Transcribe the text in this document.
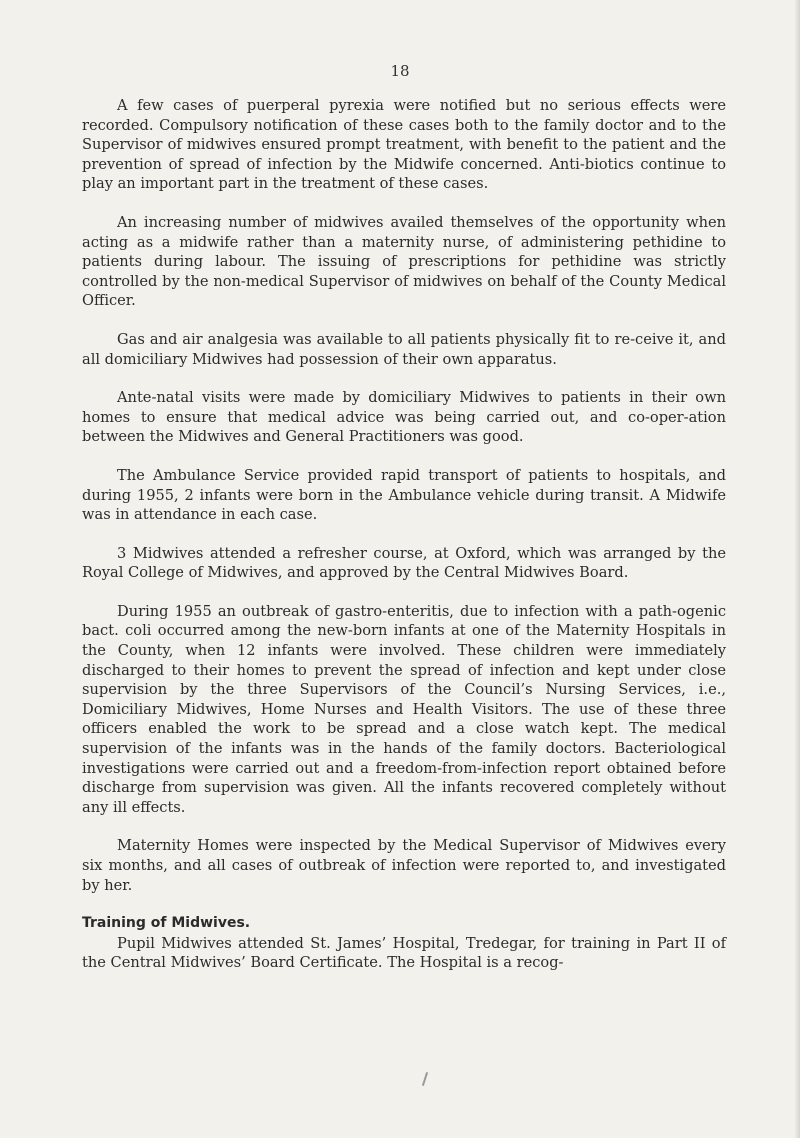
18

A few cases of puerperal pyrexia were notified but no serious effects were recorded. Compulsory notification of these cases both to the family doctor and to the Supervisor of midwives ensured prompt treatment, with benefit to the patient and the prevention of spread of infection by the Midwife concerned. Anti-biotics continue to play an important part in the treatment of these cases.

An increasing number of midwives availed themselves of the opportunity when acting as a midwife rather than a maternity nurse, of administering pethidine to patients during labour. The issuing of prescriptions for pethidine was strictly controlled by the non-medical Supervisor of midwives on behalf of the County Medical Officer.

Gas and air analgesia was available to all patients physically fit to re-ceive it, and all domiciliary Midwives had possession of their own apparatus.

Ante-natal visits were made by domiciliary Midwives to patients in their own homes to ensure that medical advice was being carried out, and co-oper-ation between the Midwives and General Practitioners was good.

The Ambulance Service provided rapid transport of patients to hospitals, and during 1955, 2 infants were born in the Ambulance vehicle during transit. A Midwife was in attendance in each case.

3 Midwives attended a refresher course, at Oxford, which was arranged by the Royal College of Midwives, and approved by the Central Midwives Board.

During 1955 an outbreak of gastro-enteritis, due to infection with a path-ogenic bact. coli occurred among the new-born infants at one of the Maternity Hospitals in the County, when 12 infants were involved. These children were immediately discharged to their homes to prevent the spread of infection and kept under close supervision by the three Supervisors of the Council’s Nursing Services, i.e., Domiciliary Midwives, Home Nurses and Health Visitors. The use of these three officers enabled the work to be spread and a close watch kept. The medical supervision of the infants was in the hands of the family doctors. Bacteriological investigations were carried out and a freedom-from-infection report obtained before discharge from supervision was given. All the infants recovered completely without any ill effects.

Maternity Homes were inspected by the Medical Supervisor of Midwives every six months, and all cases of outbreak of infection were reported to, and investigated by her.

Training of Midwives.

Pupil Midwives attended St. James’ Hospital, Tredegar, for training in Part II of the Central Midwives’ Board Certificate. The Hospital is a recog-
